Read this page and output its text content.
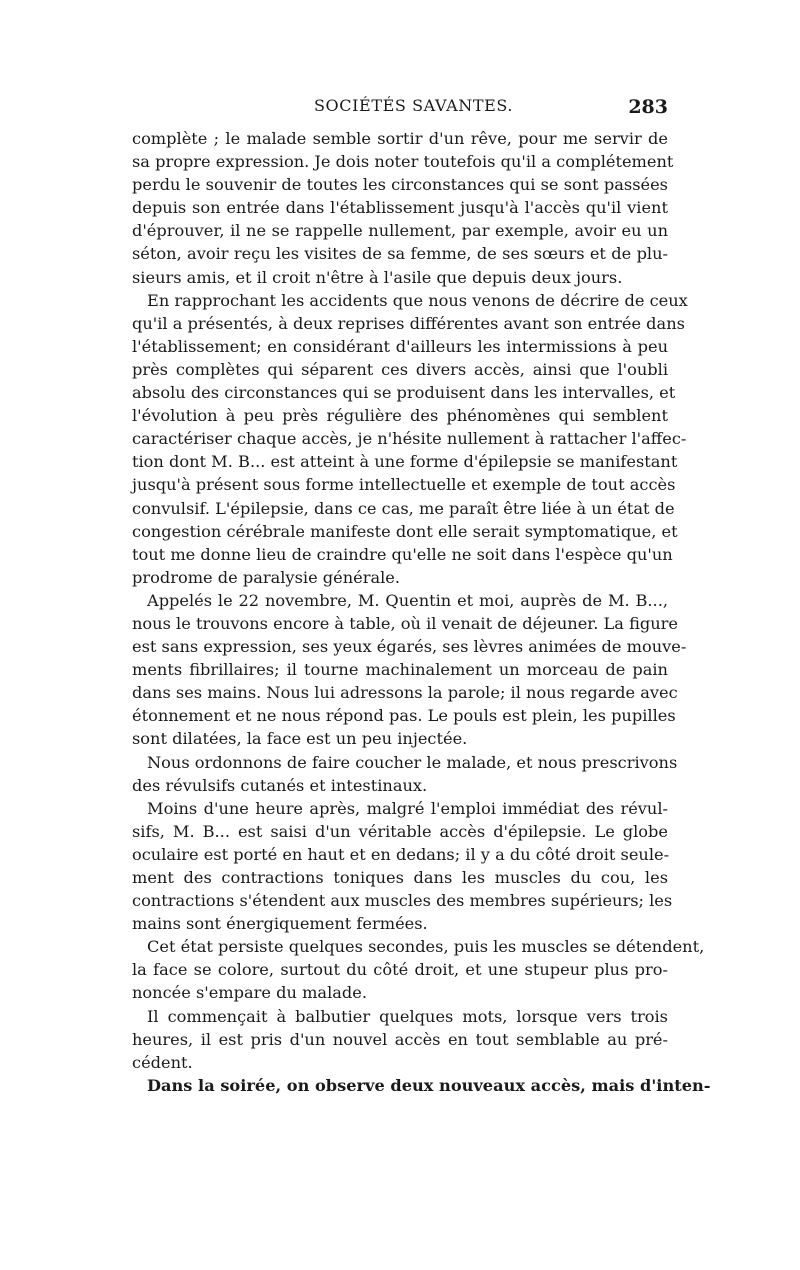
SOCIÉTÉS SAVANTES.	283
complète ; le malade semble sortir d'un rêve, pour me servir de
sa propre expression. Je dois noter toutefois qu'il a complétement
perdu le souvenir de toutes les circonstances qui se sont passées
depuis son entrée dans l'établissement jusqu'à l'accès qu'il vient
d'éprouver, il ne se rappelle nullement, par exemple, avoir eu un
séton, avoir reçu les visites de sa femme, de ses sœurs et de plu-
sieurs amis, et il croit n'être à l'asile que depuis deux jours.
En rapprochant les accidents que nous venons de décrire de ceux
qu'il a présentés, à deux reprises différentes avant son entrée dans
l'établissement; en considérant d'ailleurs les intermissions à peu
près complètes qui séparent ces divers accès, ainsi que l'oubli
absolu des circonstances qui se produisent dans les intervalles, et
l'évolution à peu près régulière des phénomènes qui semblent
caractériser chaque accès, je n'hésite nullement à rattacher l'affec-
tion dont M. B... est atteint à une forme d'épilepsie se manifestant
jusqu'à présent sous forme intellectuelle et exemple de tout accès
convulsif. L'épilepsie, dans ce cas, me paraît être liée à un état de
congestion cérébrale manifeste dont elle serait symptomatique, et
tout me donne lieu de craindre qu'elle ne soit dans l'espèce qu'un
prodrome de paralysie générale.
Appelés le 22 novembre, M. Quentin et moi, auprès de M. B...,
nous le trouvons encore à table, où il venait de déjeuner. La figure
est sans expression, ses yeux égarés, ses lèvres animées de mouve-
ments fibrillaires; il tourne machinalement un morceau de pain
dans ses mains. Nous lui adressons la parole; il nous regarde avec
étonnement et ne nous répond pas. Le pouls est plein, les pupilles
sont dilatées, la face est un peu injectée.
Nous ordonnons de faire coucher le malade, et nous prescrivons
des révulsifs cutanés et intestinaux.
Moins d'une heure après, malgré l'emploi immédiat des révul-
sifs, M. B... est saisi d'un véritable accès d'épilepsie. Le globe
oculaire est porté en haut et en dedans; il y a du côté droit seule-
ment des contractions toniques dans les muscles du cou, les
contractions s'étendent aux muscles des membres supérieurs; les
mains sont énergiquement fermées.
Cet état persiste quelques secondes, puis les muscles se détendent,
la face se colore, surtout du côté droit, et une stupeur plus pro-
noncée s'empare du malade.
Il commençait à balbutier quelques mots, lorsque vers trois
heures, il est pris d'un nouvel accès en tout semblable au pré-
cédent.
Dans la soirée, on observe deux nouveaux accès, mais d'inten-
